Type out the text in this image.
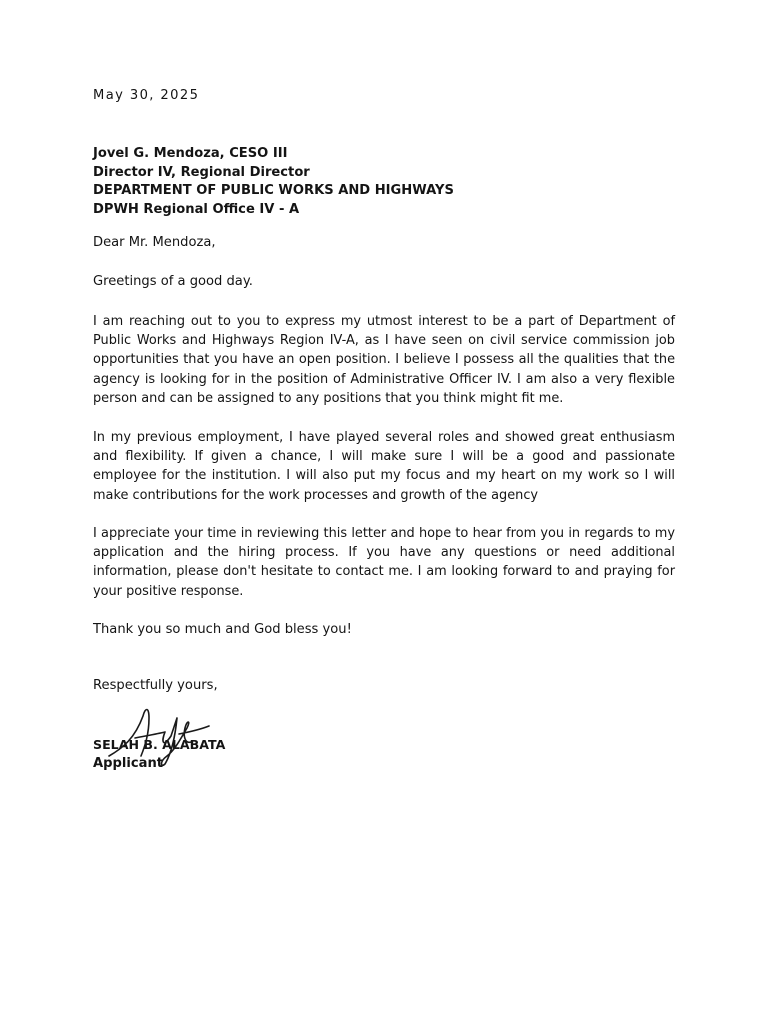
May 30, 2025
Jovel G. Mendoza, CESO III
Director IV, Regional Director
DEPARTMENT OF PUBLIC WORKS AND HIGHWAYS
DPWH Regional Office IV - A
Dear Mr. Mendoza,
Greetings of a good day.
I am reaching out to you to express my utmost interest to be a part of Department of Public Works and Highways Region IV-A, as I have seen on civil service commission job opportunities that you have an open position. I believe I possess all the qualities that the agency is looking for in the position of Administrative Officer IV. I am also a very flexible person and can be assigned to any positions that you think might fit me.
In my previous employment, I have played several roles and showed great enthusiasm and flexibility. If given a chance, I will make sure I will be a good and passionate employee for the institution. I will also put my focus and my heart on my work so I will make contributions for the work processes and growth of the agency
I appreciate your time in reviewing this letter and hope to hear from you in regards to my application and the hiring process. If you have any questions or need additional information, please don't hesitate to contact me. I am looking forward to and praying for your positive response.
Thank you so much and God bless you!
Respectfully yours,
SELAH B. ALABATA
Applicant
